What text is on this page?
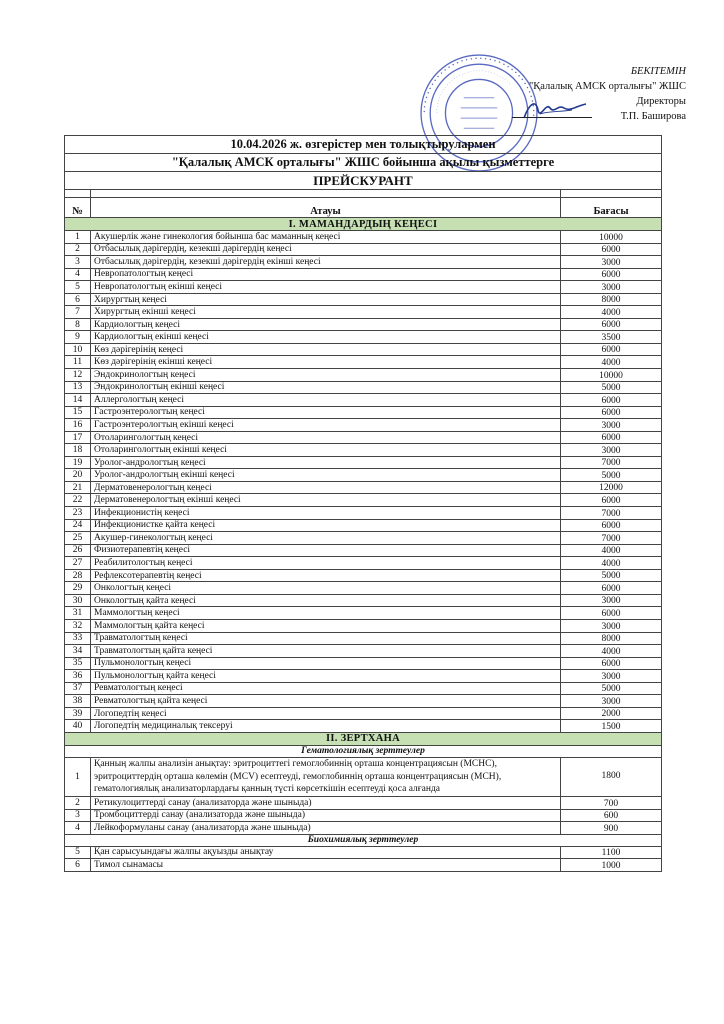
• • • • • • • • • • • • • • • • • • • • • • • • • • • • • • • • • • • • •
· · · · · · · · · · · · · · · · · · · · · · · · · · · · · · · · · ·
БЕКІТЕМІН
"Қалалық АМСК орталығы" ЖШС
Директоры
Т.П. Баширова
10.04.2026 ж. өзгерістер мен толықтырулармен		
"Қалалық АМСК орталығы" ЖШС бойынша ақылы қызметтерге		
ПРЕЙСКУРАНТ		

№	Атауы	Бағасы
I. МАМАНДАРДЫҢ КЕҢЕСІ		
1	Акушерлік және гинекология бойынша бас маманның кеңесі	10000
2	Отбасылық дәрігердің, кезекші дәрігердің кеңесі	6000
3	Отбасылық дәрігердің, кезекші дәрігердің екінші кеңесі	3000
4	Невропатологтың кеңесі	6000
5	Невропатологтың екінші кеңесі	3000
6	Хирургтың кеңесі	8000
7	Хирургтың екінші кеңесі	4000
8	Кардиологтың кеңесі	6000
9	Кардиологтың екінші кеңесі	3500
10	Көз дәрігерінің кеңесі	6000
11	Көз дәрігерінің екінші кеңесі	4000
12	Эндокринологтың кеңесі	10000
13	Эндокринологтың екінші кеңесі	5000
14	Аллергологтың кеңесі	6000
15	Гастроэнтерологтың кеңесі	6000
16	Гастроэнтерологтың екінші кеңесі	3000
17	Отоларингологтың кеңесі	6000
18	Отоларингологтың екінші кеңесі	3000
19	Уролог-андрологтың кеңесі	7000
20	Уролог-андрологтың екінші кеңесі	5000
21	Дерматовенерологтың кеңесі	12000
22	Дерматовенерологтың екінші кеңесі	6000
23	Инфекционистің кеңесі	7000
24	Инфекционистке қайта кеңесі	6000
25	Акушер-гинекологтың кеңесі	7000
26	Физиотерапевтің кеңесі	4000
27	Реабилитологтың кеңесі	4000
28	Рефлексотерапевтің кеңесі	5000
29	Онкологтың кеңесі	6000
30	Онкологтың қайта кеңесі	3000
31	Маммологтың кеңесі	6000
32	Маммологтың қайта кеңесі	3000
33	Травматологтың кеңесі	8000
34	Травматологтың қайта кеңесі	4000
35	Пульмонологтың кеңесі	6000
36	Пульмонологтың қайта кеңесі	3000
37	Ревматологтың кеңесі	5000
38	Ревматологтың қайта кеңесі	3000
39	Логопедтің кеңесі	2000
40	Логопедтің медициналық тексеруі	1500
II. ЗЕРТХАНА		
Гематологиялық зерттеулер		
1	Қанның жалпы анализін анықтау: эритроциттегі гемоглобиннің орташа концентрациясын (МСНС), эритроциттердің орташа көлемін (MCV) есептеуді, гемоглобиннің орташа концентрациясын (МСН), гематологиялық анализаторлардағы қанның түсті көрсеткішін есептеуді қоса алғанда	1800
2	Ретикулоциттерді санау (анализаторда және шыныда)	700
3	Тромбоциттерді санау (анализаторда және шыныда)	600
4	Лейкоформуланы санау (анализаторда және шыныда)	900
Биохимиялық зерттеулер		
5	Қан сарысуындағы жалпы ақуызды анықтау	1100
6	Тимол сынамасы	1000
